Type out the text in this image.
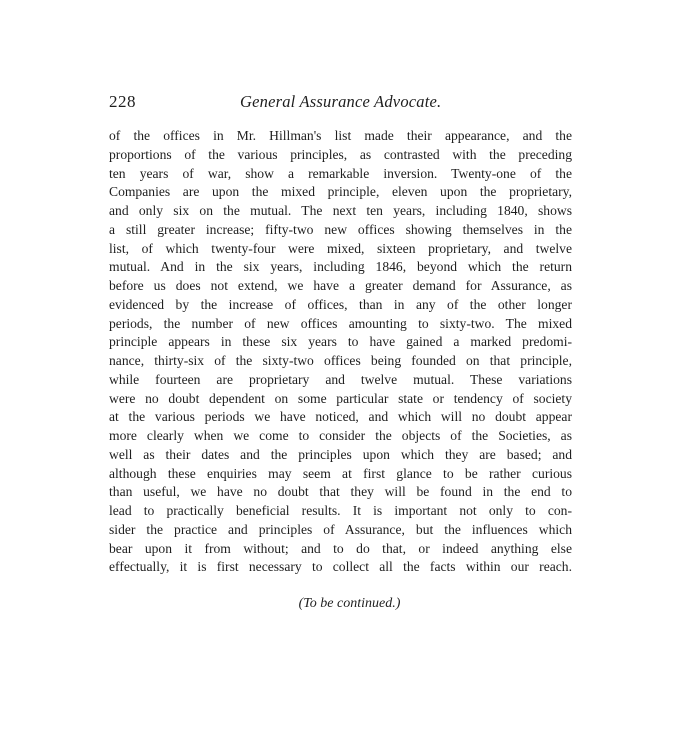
228	General Assurance Advocate.
of the offices in Mr. Hillman's list made their appearance, and the
proportions of the various principles, as contrasted with the preceding
ten years of war, show a remarkable inversion. Twenty-one of the
Companies are upon the mixed principle, eleven upon the proprietary,
and only six on the mutual. The next ten years, including 1840, shows
a still greater increase; fifty-two new offices showing themselves in the
list, of which twenty-four were mixed, sixteen proprietary, and twelve
mutual. And in the six years, including 1846, beyond which the return
before us does not extend, we have a greater demand for Assurance, as
evidenced by the increase of offices, than in any of the other longer
periods, the number of new offices amounting to sixty-two. The mixed
principle appears in these six years to have gained a marked predomi-
nance, thirty-six of the sixty-two offices being founded on that principle,
while fourteen are proprietary and twelve mutual. These variations
were no doubt dependent on some particular state or tendency of society
at the various periods we have noticed, and which will no doubt appear
more clearly when we come to consider the objects of the Societies, as
well as their dates and the principles upon which they are based; and
although these enquiries may seem at first glance to be rather curious
than useful, we have no doubt that they will be found in the end to
lead to practically beneficial results. It is important not only to con-
sider the practice and principles of Assurance, but the influences which
bear upon it from without; and to do that, or indeed anything else
effectually, it is first necessary to collect all the facts within our reach.
(To be continued.)
